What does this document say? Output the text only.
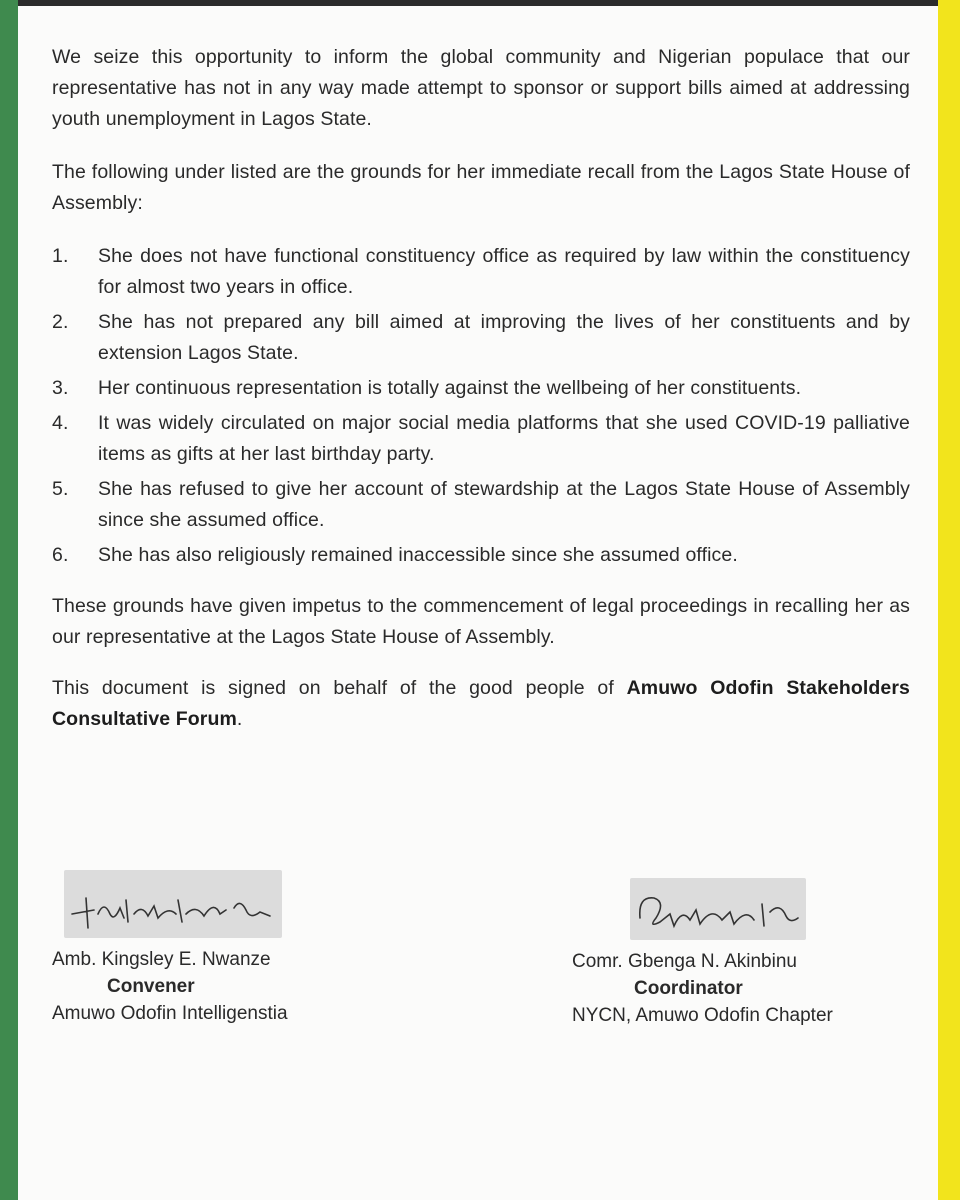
We seize this opportunity to inform the global community and Nigerian populace that our representative has not in any way made attempt to sponsor or support bills aimed at addressing youth unemployment in Lagos State.

The following under listed are the grounds for her immediate recall from the Lagos State House of Assembly:

1.	She does not have functional constituency office as required by law within the constituency for almost two years in office.
2.	She has not prepared any bill aimed at improving the lives of her constituents and by extension Lagos State.
3.	Her continuous representation is totally against the wellbeing of her constituents.
4.	It was widely circulated on major social media platforms that she used COVID-19 palliative items as gifts at her last birthday party.
5.	She has refused to give her account of stewardship at the Lagos State House of Assembly since she assumed office.
6.	She has also religiously remained inaccessible since she assumed office.

These grounds have given impetus to the commencement of legal proceedings in recalling her as our representative at the Lagos State House of Assembly.

This document is signed on behalf of the good people of Amuwo Odofin Stakeholders Consultative Forum.

Amb. Kingsley E. Nwanze
Convener
Amuwo Odofin Intelligenstia
Comr. Gbenga N. Akinbinu
Coordinator
NYCN, Amuwo Odofin Chapter
